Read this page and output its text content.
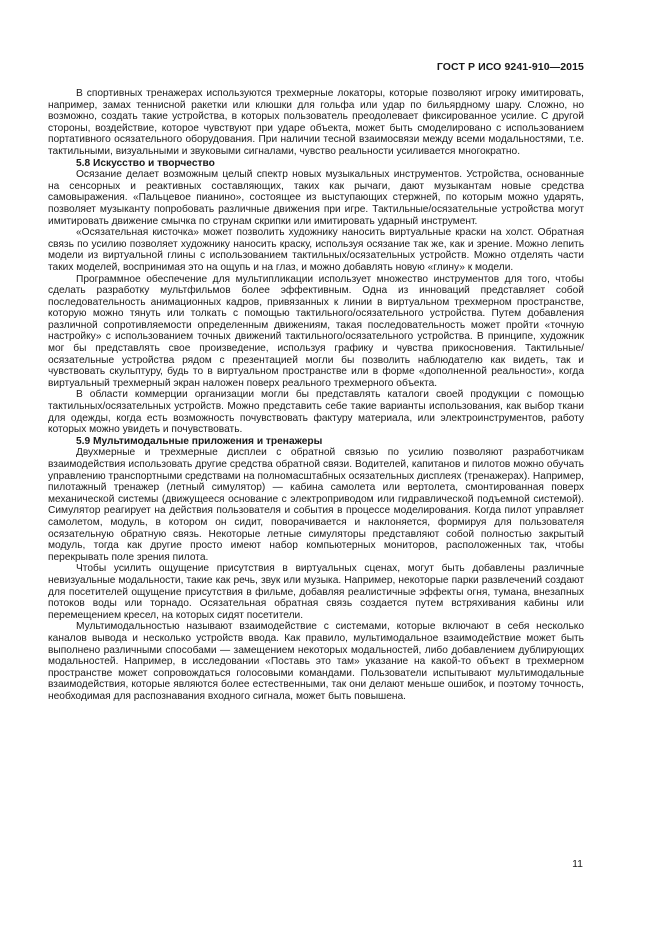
ГОСТ Р ИСО 9241-910—2015

В спортивных тренажерах используются трехмерные локаторы, которые позволяют игроку имитировать, например, замах теннисной ракетки или клюшки для гольфа или удар по бильярдному шару. Сложно, но возможно, создать такие устройства, в которых пользователь преодолевает фиксированное усилие. С другой стороны, воздействие, которое чувствуют при ударе объекта, может быть смоделировано с использованием портативного осязательного оборудования. При наличии тесной взаимосвязи между всеми модальностями, т.е. тактильными, визуальными и звуковыми сигналами, чувство реальности усиливается многократно.

5.8 Искусство и творчество

Осязание делает возможным целый спектр новых музыкальных инструментов. Устройства, основанные на сенсорных и реактивных составляющих, таких как рычаги, дают музыкантам новые средства самовыражения. «Пальцевое пианино», состоящее из выступающих стержней, по которым можно ударять, позволяет музыканту попробовать различные движения при игре. Тактильные/осязательные устройства могут имитировать движение смычка по струнам скрипки или имитировать ударный инструмент.

«Осязательная кисточка» может позволить художнику наносить виртуальные краски на холст. Обратная связь по усилию позволяет художнику наносить краску, используя осязание так же, как и зрение. Можно лепить модели из виртуальной глины с использованием тактильных/осязательных устройств. Можно отделять части таких моделей, воспринимая это на ощупь и на глаз, и можно добавлять новую «глину» к модели.

Программное обеспечение для мультипликации использует множество инструментов для того, чтобы сделать разработку мультфильмов более эффективным. Одна из инноваций представляет собой последовательность анимационных кадров, привязанных к линии в виртуальном трехмерном пространстве, которую можно тянуть или толкать с помощью тактильного/осязательного устройства. Путем добавления различной сопротивляемости определенным движениям, такая последовательность может пройти «точную настройку» с использованием точных движений тактильного/осязательного устройства. В принципе, художник мог бы представлять свое произведение, используя графику и чувства прикосновения. Тактильные/осязательные устройства рядом с презентацией могли бы позволить наблюдателю как видеть, так и чувствовать скульптуру, будь то в виртуальном пространстве или в форме «дополненной реальности», когда виртуальный трехмерный экран наложен поверх реального трехмерного объекта.

В области коммерции организации могли бы представлять каталоги своей продукции с помощью тактильных/осязательных устройств. Можно представить себе такие варианты использования, как выбор ткани для одежды, когда есть возможность почувствовать фактуру материала, или электроинструментов, работу которых можно увидеть и почувствовать.

5.9 Мультимодальные приложения и тренажеры

Двухмерные и трехмерные дисплеи с обратной связью по усилию позволяют разработчикам взаимодействия использовать другие средства обратной связи. Водителей, капитанов и пилотов можно обучать управлению транспортными средствами на полномасштабных осязательных дисплеях (тренажерах). Например, пилотажный тренажер (летный симулятор) — кабина самолета или вертолета, смонтированная поверх механической системы (движущееся основание с электроприводом или гидравлической подъемной системой). Симулятор реагирует на действия пользователя и события в процессе моделирования. Когда пилот управляет самолетом, модуль, в котором он сидит, поворачивается и наклоняется, формируя для пользователя осязательную обратную связь. Некоторые летные симуляторы представляют собой полностью закрытый модуль, тогда как другие просто имеют набор компьютерных мониторов, расположенных так, чтобы перекрывать поле зрения пилота.

Чтобы усилить ощущение присутствия в виртуальных сценах, могут быть добавлены различные невизуальные модальности, такие как речь, звук или музыка. Например, некоторые парки развлечений создают для посетителей ощущение присутствия в фильме, добавляя реалистичные эффекты огня, тумана, внезапных потоков воды или торнадо. Осязательная обратная связь создается путем встряхивания кабины или перемещением кресел, на которых сидят посетители.

Мультимодальностью называют взаимодействие с системами, которые включают в себя несколько каналов вывода и несколько устройств ввода. Как правило, мультимодальное взаимодействие может быть выполнено различными способами — замещением некоторых модальностей, либо добавлением дублирующих модальностей. Например, в исследовании «Поставь это там» указание на какой-то объект в трехмерном пространстве может сопровождаться голосовыми командами. Пользователи испытывают мультимодальные взаимодействия, которые являются более естественными, так они делают меньше ошибок, и поэтому точность, необходимая для распознавания входного сигнала, может быть повышена.

11
